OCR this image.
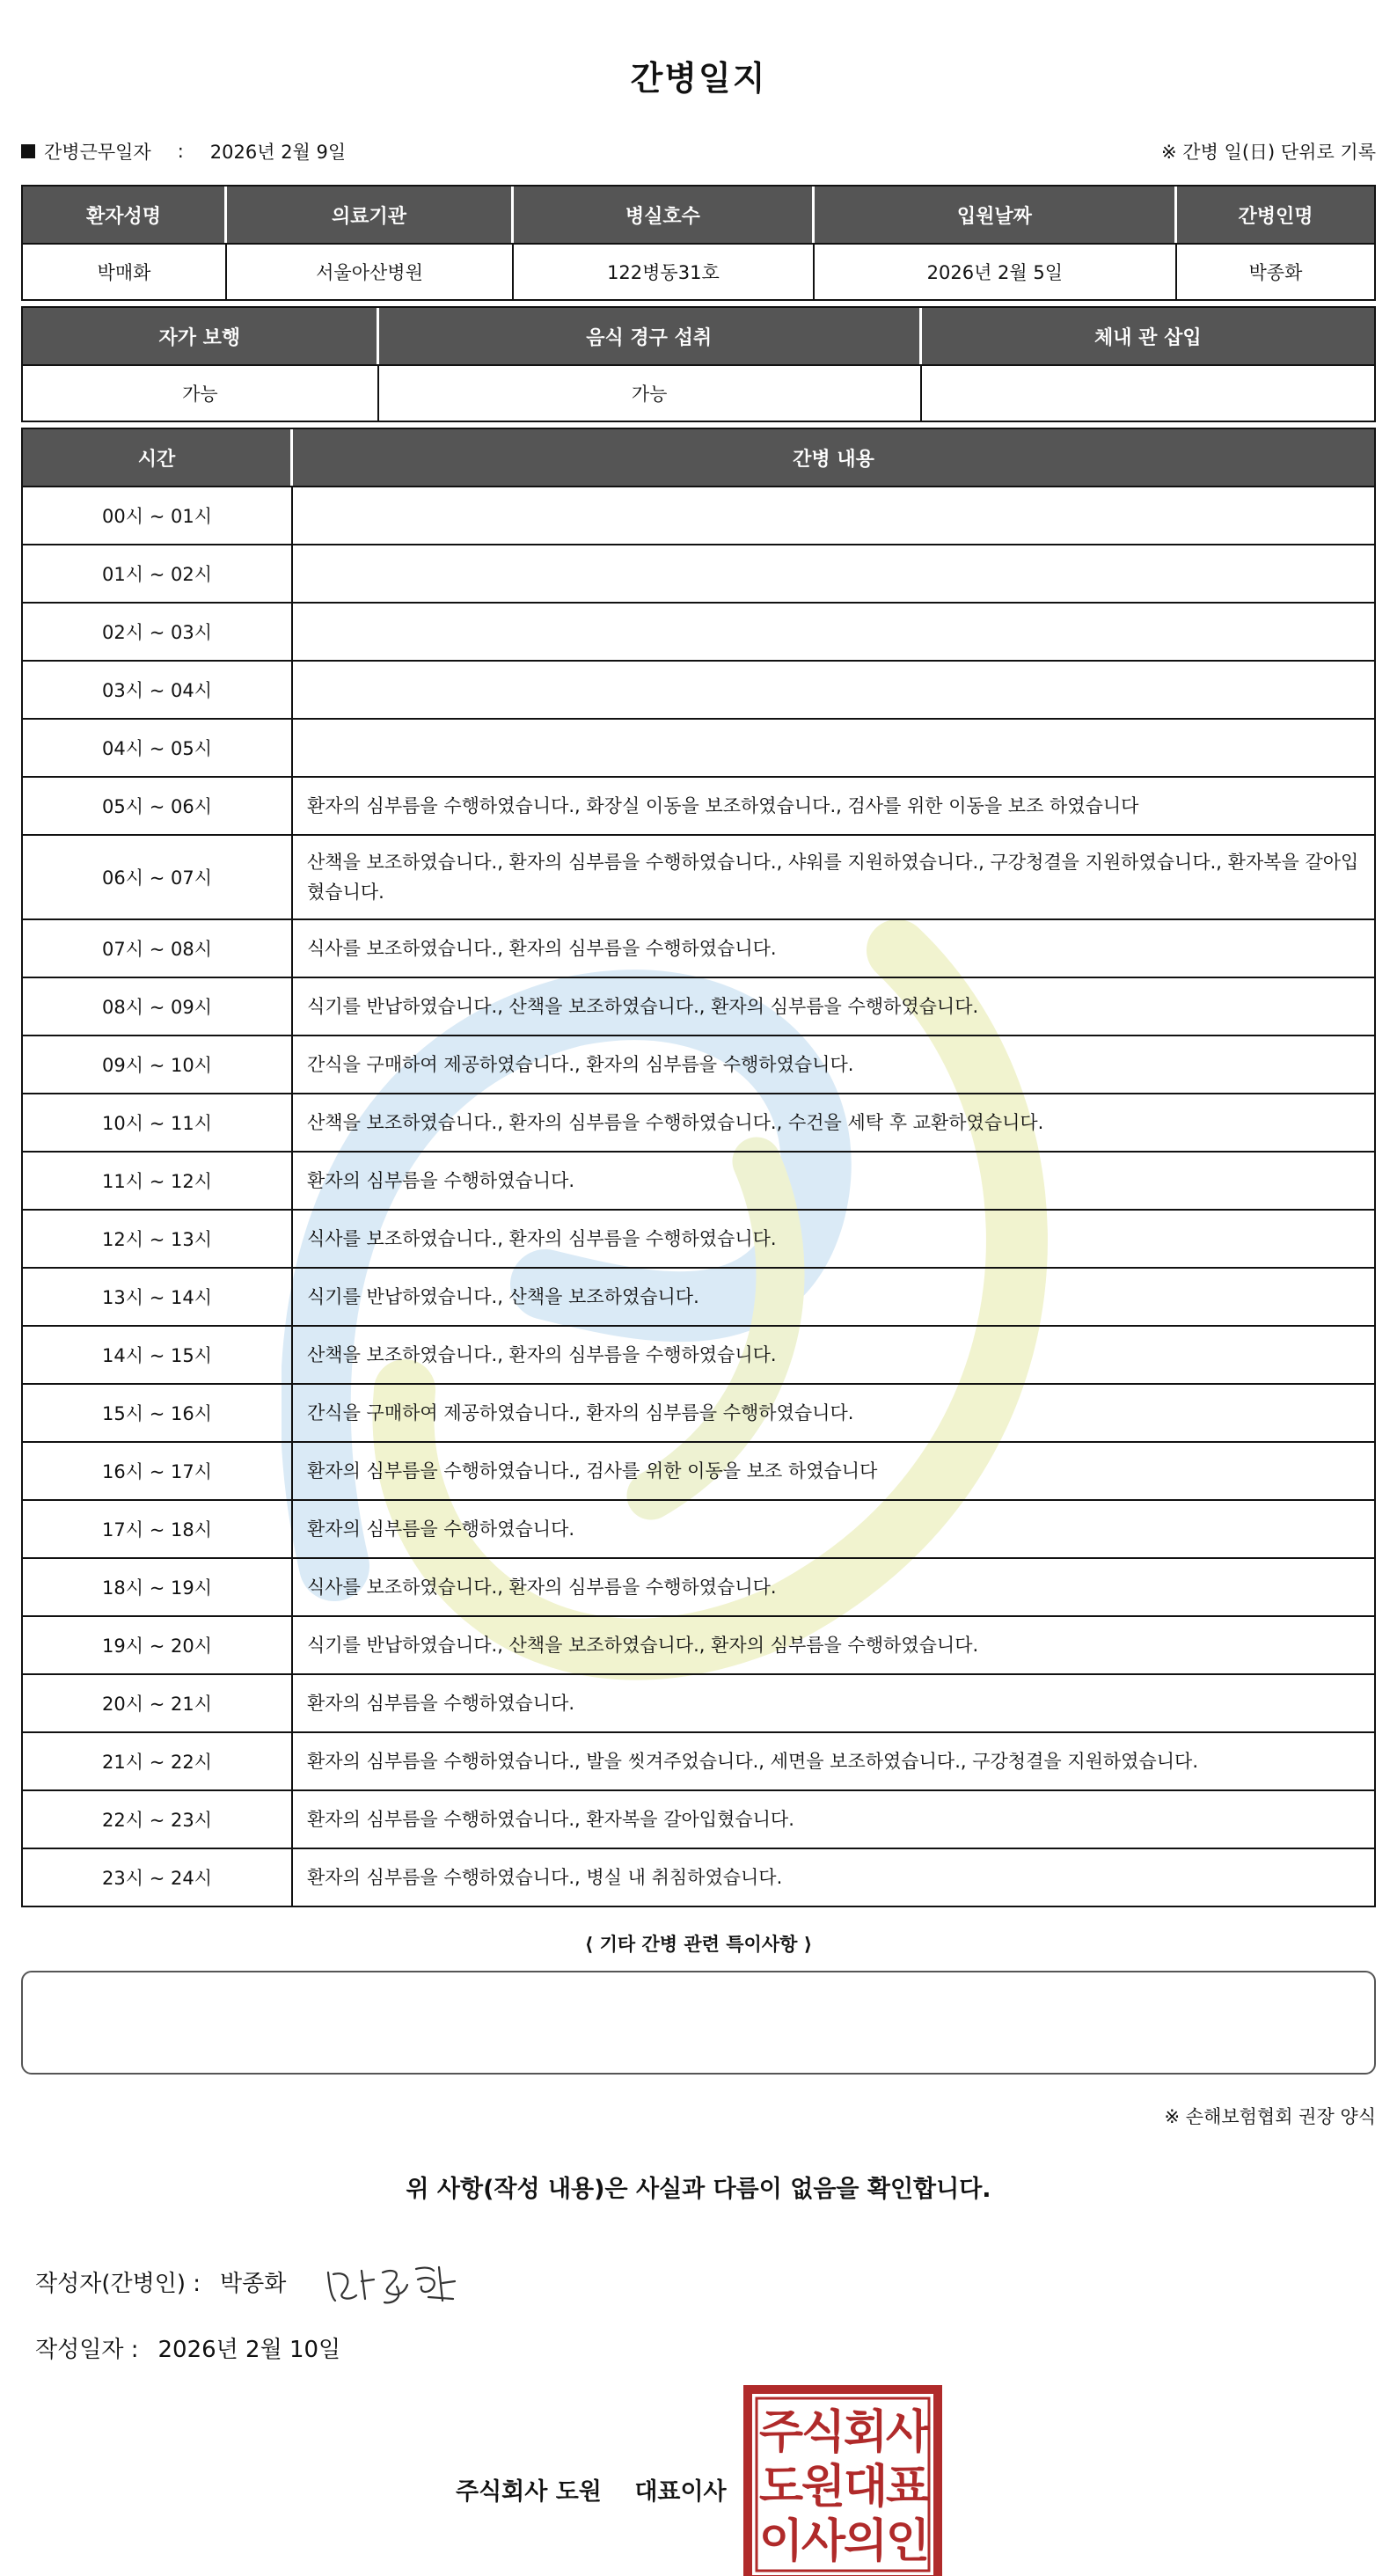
간병일지
간병근무일자 : 2026년 2월 9일	※ 간병 일(日) 단위로 기록
환자성명	의료기관	병실호수	입원날짜	간병인명
박매화	서울아산병원	122병동31호	2026년 2월 5일	박종화
자가 보행	음식 경구 섭취	체내 관 삽입
가능	가능	
시간	간병 내용
00시 ~ 01시	
01시 ~ 02시	
02시 ~ 03시	
03시 ~ 04시	
04시 ~ 05시	
05시 ~ 06시	환자의 심부름을 수행하였습니다., 화장실 이동을 보조하였습니다., 검사를 위한 이동을 보조 하였습니다
06시 ~ 07시	산책을 보조하였습니다., 환자의 심부름을 수행하였습니다., 샤워를 지원하였습니다., 구강청결을 지원하였습니다., 환자복을 갈아입혔습니다.
07시 ~ 08시	식사를 보조하였습니다., 환자의 심부름을 수행하였습니다.
08시 ~ 09시	식기를 반납하였습니다., 산책을 보조하였습니다., 환자의 심부름을 수행하였습니다.
09시 ~ 10시	간식을 구매하여 제공하였습니다., 환자의 심부름을 수행하였습니다.
10시 ~ 11시	산책을 보조하였습니다., 환자의 심부름을 수행하였습니다., 수건을 세탁 후 교환하였습니다.
11시 ~ 12시	환자의 심부름을 수행하였습니다.
12시 ~ 13시	식사를 보조하였습니다., 환자의 심부름을 수행하였습니다.
13시 ~ 14시	식기를 반납하였습니다., 산책을 보조하였습니다.
14시 ~ 15시	산책을 보조하였습니다., 환자의 심부름을 수행하였습니다.
15시 ~ 16시	간식을 구매하여 제공하였습니다., 환자의 심부름을 수행하였습니다.
16시 ~ 17시	환자의 심부름을 수행하였습니다., 검사를 위한 이동을 보조 하였습니다
17시 ~ 18시	환자의 심부름을 수행하였습니다.
18시 ~ 19시	식사를 보조하였습니다., 환자의 심부름을 수행하였습니다.
19시 ~ 20시	식기를 반납하였습니다., 산책을 보조하였습니다., 환자의 심부름을 수행하였습니다.
20시 ~ 21시	환자의 심부름을 수행하였습니다.
21시 ~ 22시	환자의 심부름을 수행하였습니다., 발을 씻겨주었습니다., 세면을 보조하였습니다., 구강청결을 지원하였습니다.
22시 ~ 23시	환자의 심부름을 수행하였습니다., 환자복을 갈아입혔습니다.
23시 ~ 24시	환자의 심부름을 수행하였습니다., 병실 내 취침하였습니다.
⟨ 기타 간병 관련 특이사항 ⟩
※ 손해보험협회 권장 양식
위 사항(작성 내용)은 사실과 다름이 없음을 확인합니다.
작성자(간병인) : 박종화
작성일자 : 2026년 2월 10일
주식회사 도원 대표이사
주
식
회
사
도
원
대
표
이
사
의
인
